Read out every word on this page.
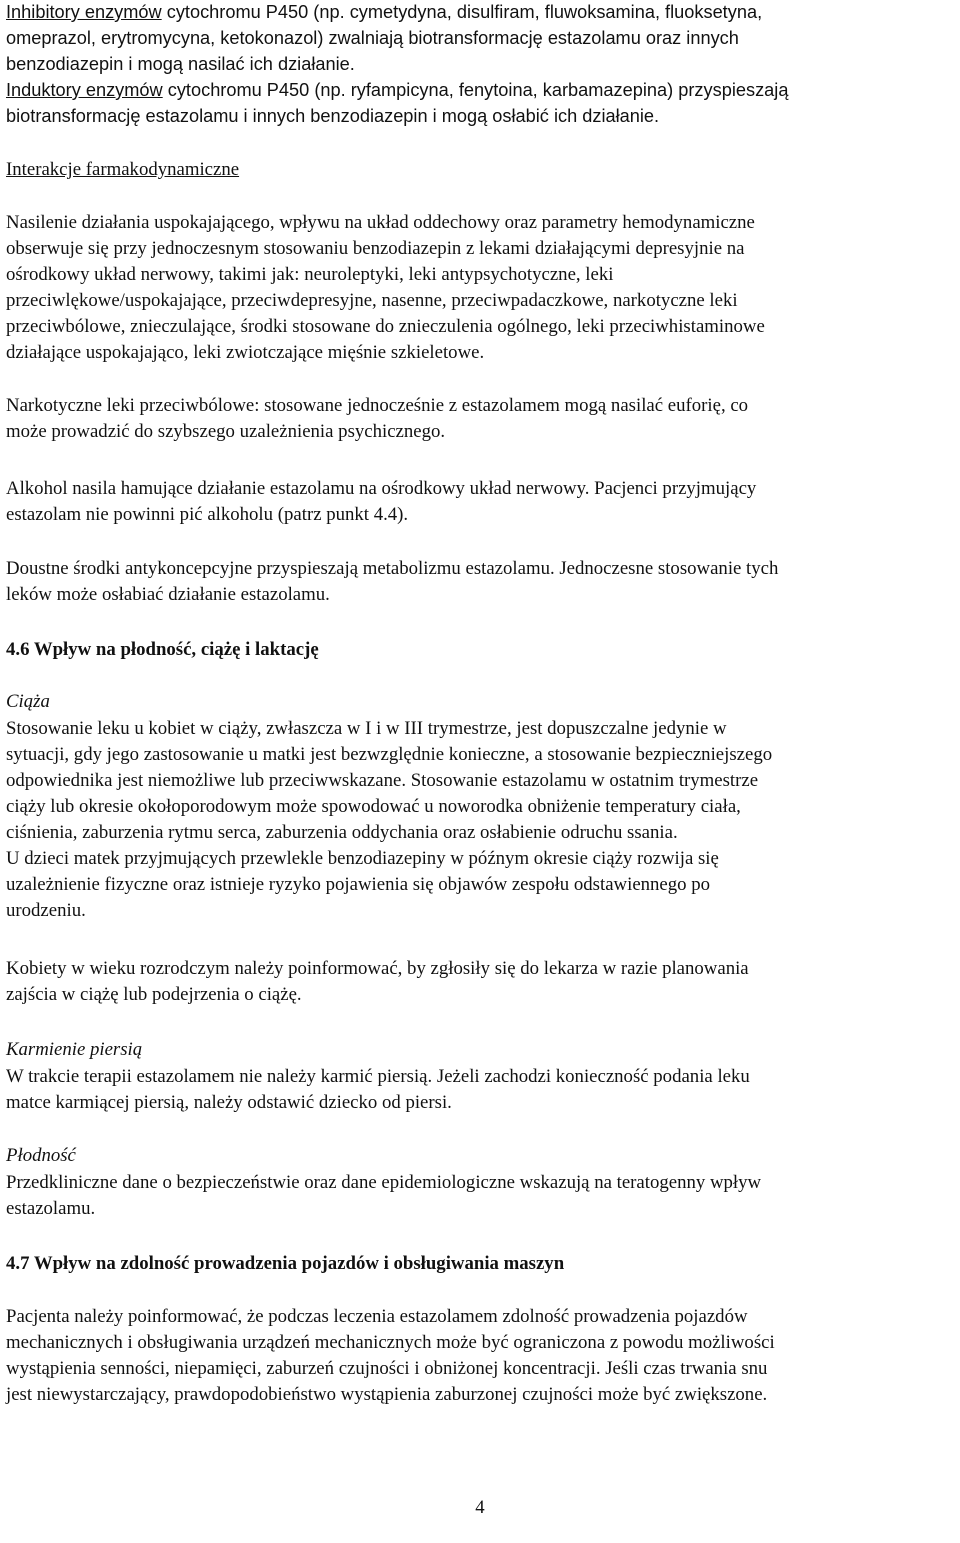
Inhibitory enzymów cytochromu P450 (np. cymetydyna, disulfiram, fluwoksamina, fluoksetyna,
omeprazol, erytromycyna, ketokonazol) zwalniają biotransformację estazolamu oraz innych
benzodiazepin i mogą nasilać ich działanie.
Induktory enzymów cytochromu P450 (np. ryfampicyna, fenytoina, karbamazepina) przyspieszają
biotransformację estazolamu i innych benzodiazepin i mogą osłabić ich działanie.
Interakcje farmakodynamiczne
Nasilenie działania uspokajającego, wpływu na układ oddechowy oraz parametry hemodynamiczne
obserwuje się przy jednoczesnym stosowaniu benzodiazepin z lekami działającymi depresyjnie na
ośrodkowy układ nerwowy, takimi jak: neuroleptyki, leki antypsychotyczne, leki
przeciwlękowe/uspokajające, przeciwdepresyjne, nasenne, przeciwpadaczkowe, narkotyczne leki
przeciwbólowe, znieczulające, środki stosowane do znieczulenia ogólnego, leki przeciwhistaminowe
działające uspokajająco, leki zwiotczające mięśnie szkieletowe.
Narkotyczne leki przeciwbólowe: stosowane jednocześnie z estazolamem mogą nasilać euforię, co
może prowadzić do szybszego uzależnienia psychicznego.
Alkohol nasila hamujące działanie estazolamu na ośrodkowy układ nerwowy. Pacjenci przyjmujący
estazolam nie powinni pić alkoholu (patrz punkt 4.4).
Doustne środki antykoncepcyjne przyspieszają metabolizmu estazolamu. Jednoczesne stosowanie tych
leków może osłabiać działanie estazolamu.
4.6 Wpływ na płodność, ciążę i laktację
Ciąża
Stosowanie leku u kobiet w ciąży, zwłaszcza w I i w III trymestrze, jest dopuszczalne jedynie w
sytuacji, gdy jego zastosowanie u matki jest bezwzględnie konieczne, a stosowanie bezpieczniejszego
odpowiednika jest niemożliwe lub przeciwwskazane. Stosowanie estazolamu w ostatnim trymestrze
ciąży lub okresie okołoporodowym może spowodować u noworodka obniżenie temperatury ciała,
ciśnienia, zaburzenia rytmu serca, zaburzenia oddychania oraz osłabienie odruchu ssania.
U dzieci matek przyjmujących przewlekle benzodiazepiny w późnym okresie ciąży rozwija się
uzależnienie fizyczne oraz istnieje ryzyko pojawienia się objawów zespołu odstawiennego po
urodzeniu.
Kobiety w wieku rozrodczym należy poinformować, by zgłosiły się do lekarza w razie planowania
zajścia w ciążę lub podejrzenia o ciążę.
Karmienie piersią
W trakcie terapii estazolamem nie należy karmić piersią. Jeżeli zachodzi konieczność podania leku
matce karmiącej piersią, należy odstawić dziecko od piersi.
Płodność
Przedkliniczne dane o bezpieczeństwie oraz dane epidemiologiczne wskazują na teratogenny wpływ
estazolamu.
4.7 Wpływ na zdolność prowadzenia pojazdów i obsługiwania maszyn
Pacjenta należy poinformować, że podczas leczenia estazolamem zdolność prowadzenia pojazdów
mechanicznych i obsługiwania urządzeń mechanicznych może być ograniczona z powodu możliwości
wystąpienia senności, niepamięci, zaburzeń czujności i obniżonej koncentracji. Jeśli czas trwania snu
jest niewystarczający, prawdopodobieństwo wystąpienia zaburzonej czujności może być zwiększone.
4
